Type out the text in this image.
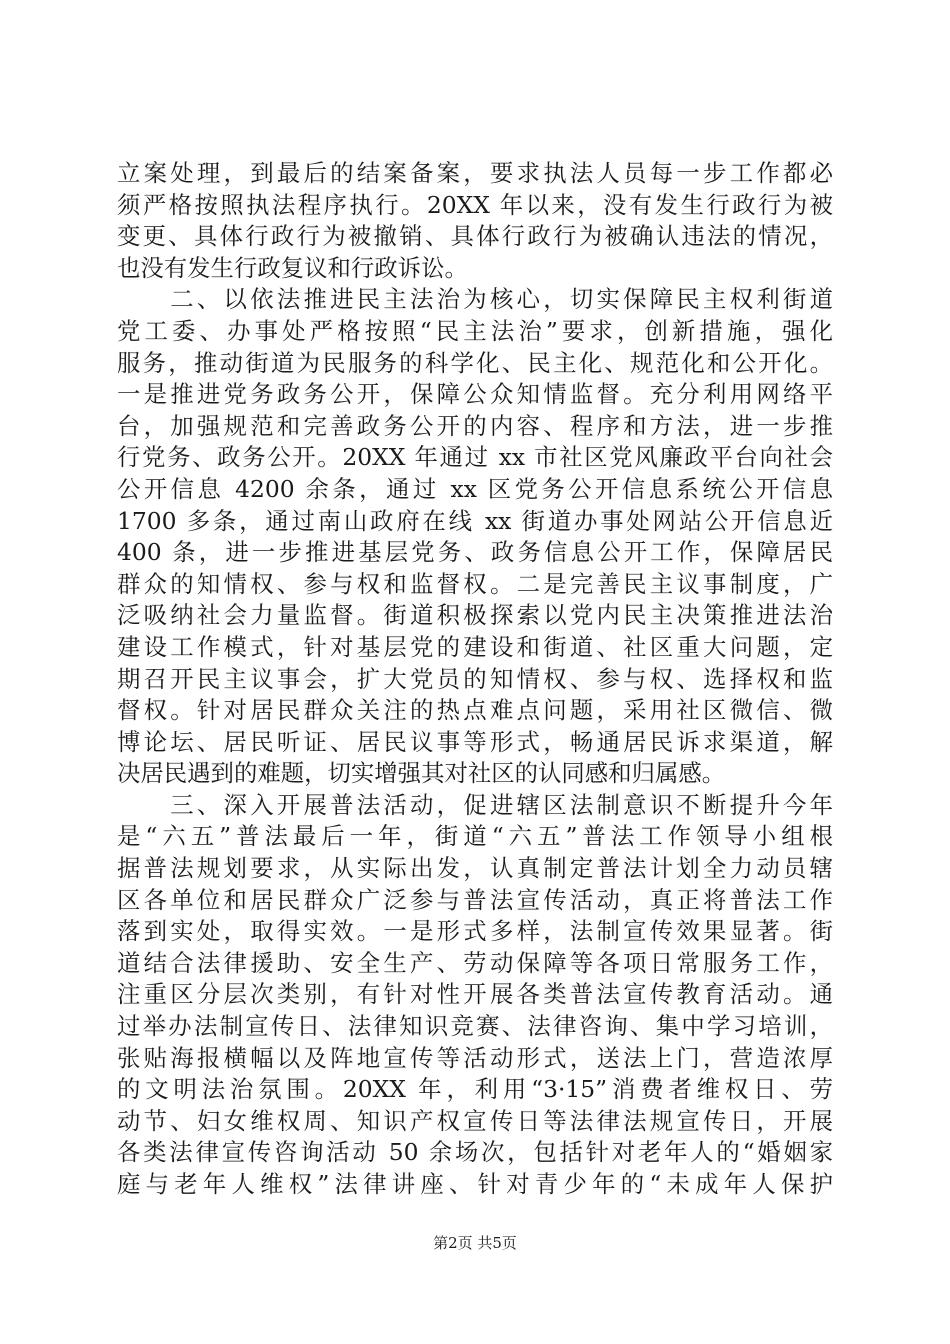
立案处理，到最后的结案备案，要求执法人员每一步工作都必
须严格按照执法程序执行。20XX 年以来，没有发生行政行为被
变更、具体行政行为被撤销、具体行政行为被确认违法的情况，
也没有发生行政复议和行政诉讼。
　　二、以依法推进民主法治为核心，切实保障民主权利街道
党工委、办事处严格按照“民主法治”要求，创新措施，强化
服务，推动街道为民服务的科学化、民主化、规范化和公开化。
一是推进党务政务公开，保障公众知情监督。充分利用网络平
台，加强规范和完善政务公开的内容、程序和方法，进一步推
行党务、政务公开。20XX 年通过 xx 市社区党风廉政平台向社会
公开信息 4200 余条，通过 xx 区党务公开信息系统公开信息
1700 多条，通过南山政府在线 xx 街道办事处网站公开信息近
400 条，进一步推进基层党务、政务信息公开工作，保障居民
群众的知情权、参与权和监督权。二是完善民主议事制度，广
泛吸纳社会力量监督。街道积极探索以党内民主决策推进法治
建设工作模式，针对基层党的建设和街道、社区重大问题，定
期召开民主议事会，扩大党员的知情权、参与权、选择权和监
督权。针对居民群众关注的热点难点问题，采用社区微信、微
博论坛、居民听证、居民议事等形式，畅通居民诉求渠道，解
决居民遇到的难题，切实增强其对社区的认同感和归属感。
　　三、深入开展普法活动，促进辖区法制意识不断提升今年
是“六五”普法最后一年，街道“六五”普法工作领导小组根
据普法规划要求，从实际出发，认真制定普法计划全力动员辖
区各单位和居民群众广泛参与普法宣传活动，真正将普法工作
落到实处，取得实效。一是形式多样，法制宣传效果显著。街
道结合法律援助、安全生产、劳动保障等各项日常服务工作，
注重区分层次类别，有针对性开展各类普法宣传教育活动。通
过举办法制宣传日、法律知识竞赛、法律咨询、集中学习培训，
张贴海报横幅以及阵地宣传等活动形式，送法上门，营造浓厚
的文明法治氛围。20XX 年，利用“3·15”消费者维权日、劳
动节、妇女维权周、知识产权宣传日等法律法规宣传日，开展
各类法律宣传咨询活动 50 余场次，包括针对老年人的“婚姻家
庭与老年人维权”法律讲座、针对青少年的“未成年人保护
第2页 共5页
